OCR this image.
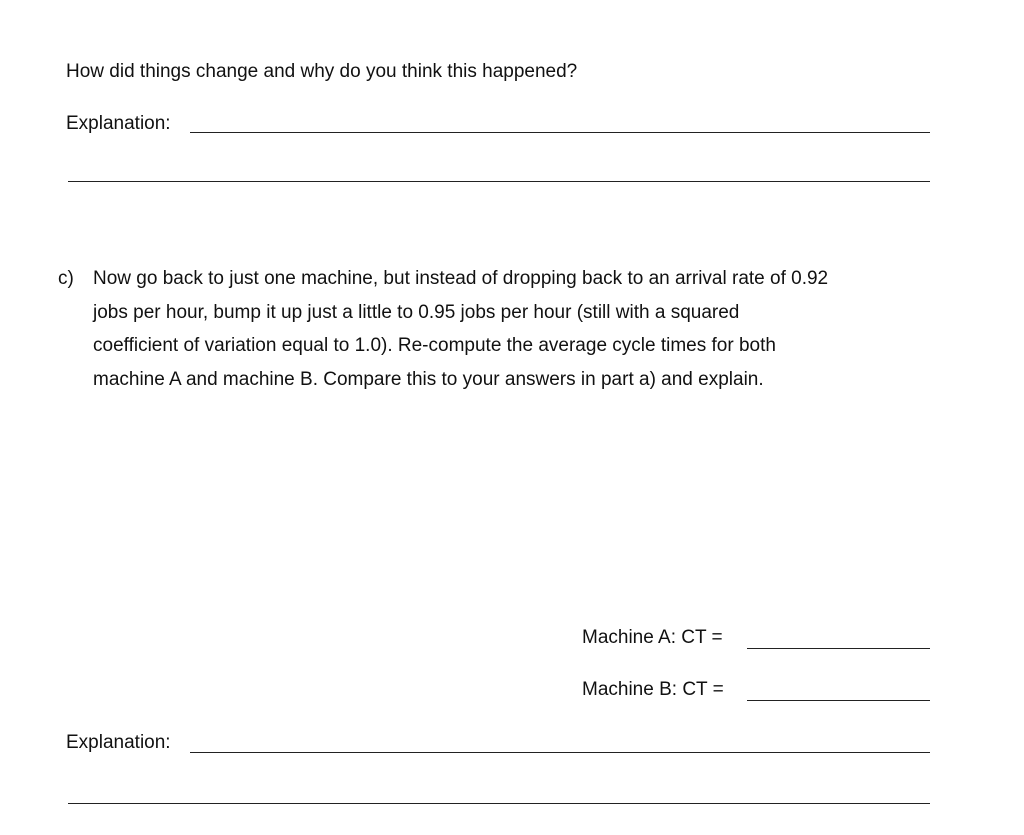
How did things change and why do you think this happened?
Explanation:
c) Now go back to just one machine, but instead of dropping back to an arrival rate of 0.92
jobs per hour, bump it up just a little to 0.95 jobs per hour (still with a squared
coefficient of variation equal to 1.0). Re-compute the average cycle times for both
machine A and machine B. Compare this to your answers in part a) and explain.
Machine A: CT =
Machine B: CT =
Explanation:
